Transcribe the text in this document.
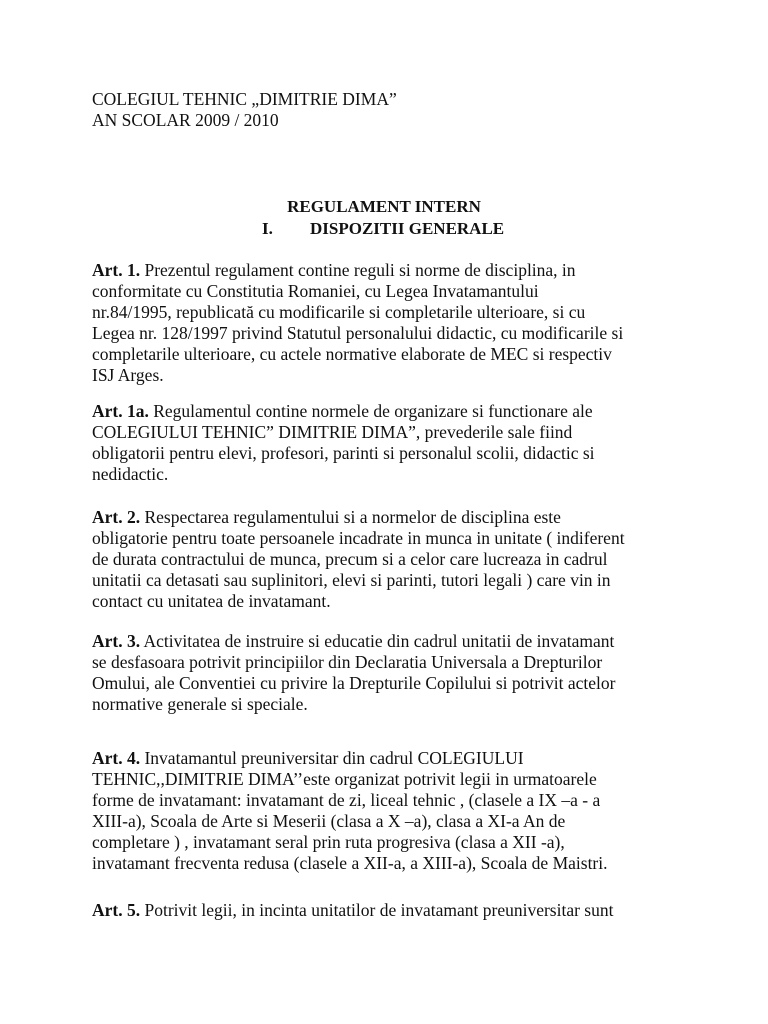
COLEGIUL TEHNIC „DIMITRIE DIMA”
AN SCOLAR 2009 / 2010
REGULAMENT INTERN
I. DISPOZITII GENERALE
Art. 1. Prezentul regulament contine reguli si norme de disciplina, in
conformitate cu Constitutia Romaniei, cu Legea Invatamantului
nr.84/1995, republicată cu modificarile si completarile ulterioare, si cu
Legea nr. 128/1997 privind Statutul personalului didactic, cu modificarile si
completarile ulterioare, cu actele normative elaborate de MEC si respectiv
ISJ Arges.
Art. 1a. Regulamentul contine normele de organizare si functionare ale
COLEGIULUI TEHNIC” DIMITRIE DIMA”, prevederile sale fiind
obligatorii pentru elevi, profesori, parinti si personalul scolii, didactic si
nedidactic.
Art. 2. Respectarea regulamentului si a normelor de disciplina este
obligatorie pentru toate persoanele incadrate in munca in unitate ( indiferent
de durata contractului de munca, precum si a celor care lucreaza in cadrul
unitatii ca detasati sau suplinitori, elevi si parinti, tutori legali ) care vin in
contact cu unitatea de invatamant.
Art. 3. Activitatea de instruire si educatie din cadrul unitatii de invatamant
se desfasoara potrivit principiilor din Declaratia Universala a Drepturilor
Omului, ale Conventiei cu privire la Drepturile Copilului si potrivit actelor
normative generale si speciale.
Art. 4. Invatamantul preuniversitar din cadrul COLEGIULUI
TEHNIC,,DIMITRIE DIMA’’este organizat potrivit legii in urmatoarele
forme de invatamant: invatamant de zi, liceal tehnic , (clasele a IX –a - a
XIII-a), Scoala de Arte si Meserii (clasa a X –a), clasa a XI-a An de
completare ) , invatamant seral prin ruta progresiva (clasa a XII -a),
invatamant frecventa redusa (clasele a XII-a, a XIII-a), Scoala de Maistri.
Art. 5. Potrivit legii, in incinta unitatilor de invatamant preuniversitar sunt
